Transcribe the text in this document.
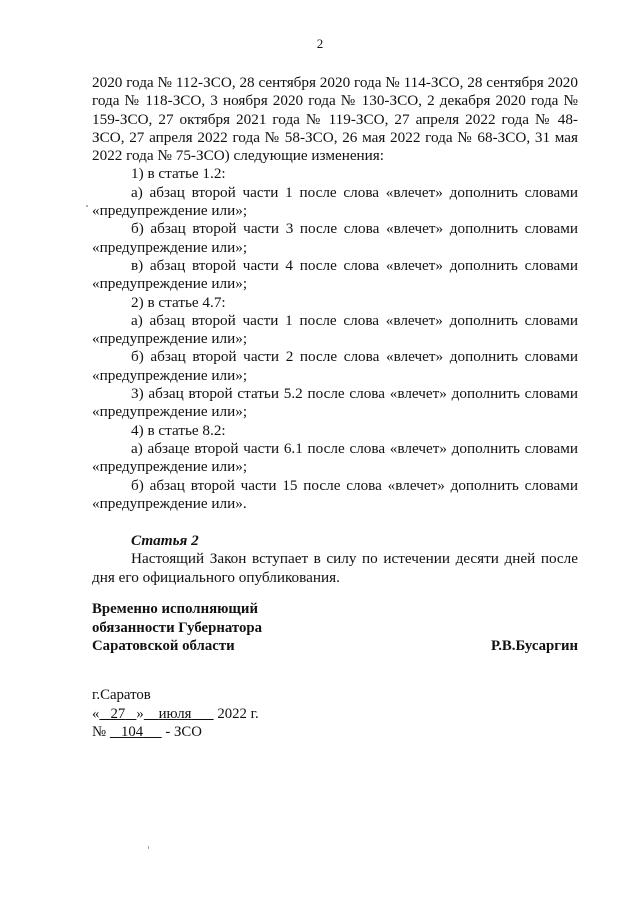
2

2020 года № 112-ЗСО, 28 сентября 2020 года № 114-ЗСО, 28 сентября 2020 года № 118-ЗСО, 3 ноября 2020 года № 130-ЗСО, 2 декабря 2020 года № 159-ЗСО, 27 октября 2021 года № 119-ЗСО, 27 апреля 2022 года № 48-ЗСО, 27 апреля 2022 года № 58-ЗСО, 26 мая 2022 года № 68-ЗСО, 31 мая 2022 года № 75-ЗСО) следующие изменения:

1) в статье 1.2:

а) абзац второй части 1 после слова «влечет» дополнить словами «предупреждение или»;

б) абзац второй части 3 после слова «влечет» дополнить словами «предупреждение или»;

в) абзац второй части 4 после слова «влечет» дополнить словами «предупреждение или»;

2) в статье 4.7:

а) абзац второй части 1 после слова «влечет» дополнить словами «предупреждение или»;

б) абзац второй части 2 после слова «влечет» дополнить словами «предупреждение или»;

3) абзац второй статьи 5.2 после слова «влечет» дополнить словами «предупреждение или»;

4) в статье 8.2:

а) абзаце второй части 6.1 после слова «влечет» дополнить словами «предупреждение или»;

б) абзац второй части 15 после слова «влечет» дополнить словами «предупреждение или».

Статья 2

Настоящий Закон вступает в силу по истечении десяти дней после дня его официального опубликования.

Временно исполняющий
обязанности Губернатора
Саратовской области	Р.В.Бусаргин
г.Саратов
« 27 » июля 2022 г.
№ 104 - ЗСО
